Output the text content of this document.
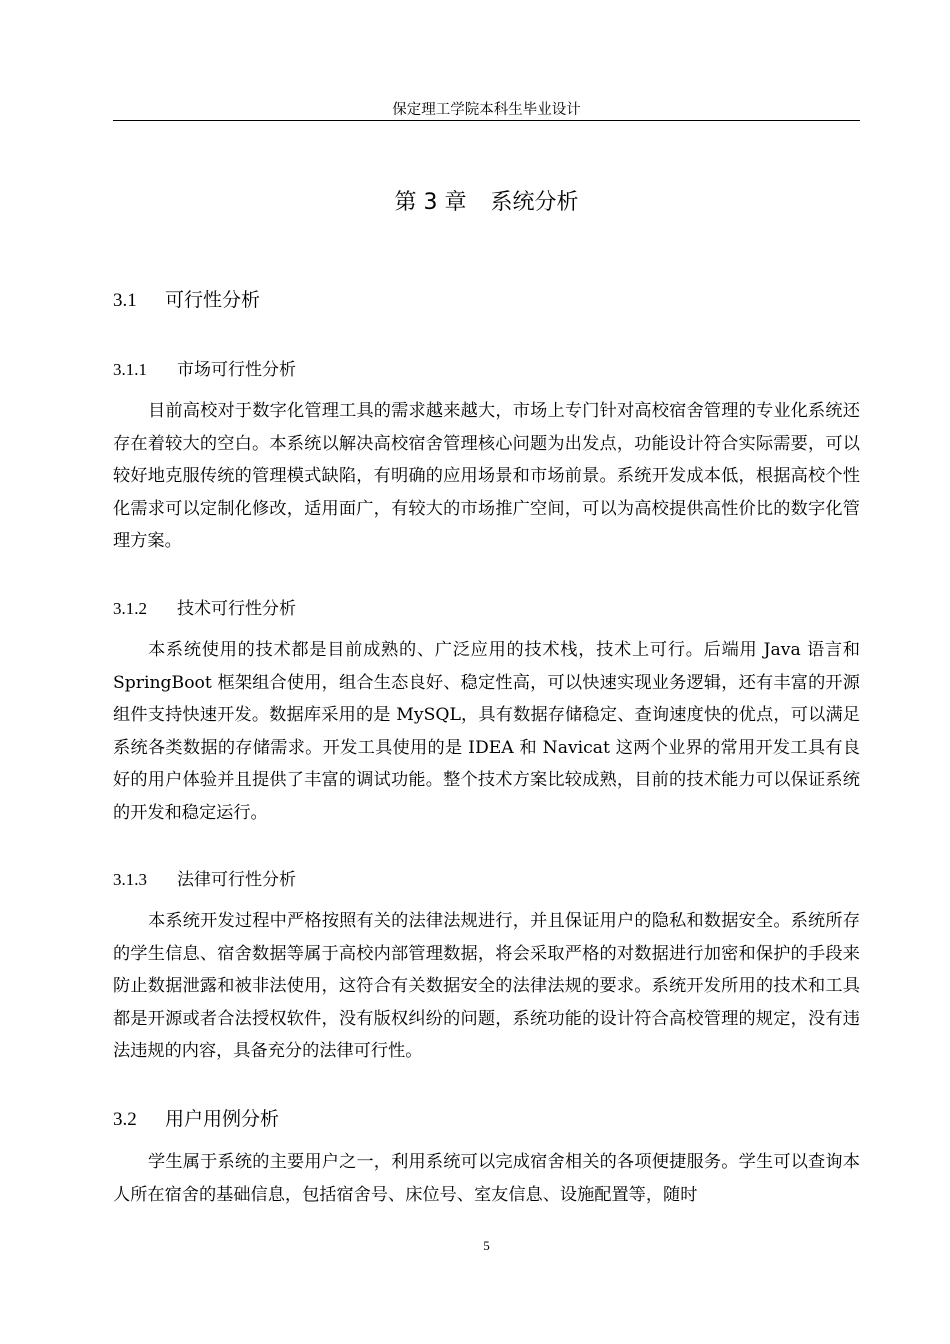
保定理工学院本科生毕业设计
第 3 章 系统分析
3.1 可行性分析
3.1.1 市场可行性分析

目前高校对于数字化管理工具的需求越来越大，市场上专门针对高校宿舍管理的专业化系统还存在着较大的空白。本系统以解决高校宿舍管理核心问题为出发点，功能设计符合实际需要，可以较好地克服传统的管理模式缺陷，有明确的应用场景和市场前景。系统开发成本低，根据高校个性化需求可以定制化修改，适用面广，有较大的市场推广空间，可以为高校提供高性价比的数字化管理方案。

3.1.2 技术可行性分析

本系统使用的技术都是目前成熟的、广泛应用的技术栈，技术上可行。后端用 Java 语言和 SpringBoot 框架组合使用，组合生态良好、稳定性高，可以快速实现业务逻辑，还有丰富的开源组件支持快速开发。数据库采用的是 MySQL，具有数据存储稳定、查询速度快的优点，可以满足系统各类数据的存储需求。开发工具使用的是 IDEA 和 Navicat 这两个业界的常用开发工具有良好的用户体验并且提供了丰富的调试功能。整个技术方案比较成熟，目前的技术能力可以保证系统的开发和稳定运行。

3.1.3 法律可行性分析

本系统开发过程中严格按照有关的法律法规进行，并且保证用户的隐私和数据安全。系统所存的学生信息、宿舍数据等属于高校内部管理数据，将会采取严格的对数据进行加密和保护的手段来防止数据泄露和被非法使用，这符合有关数据安全的法律法规的要求。系统开发所用的技术和工具都是开源或者合法授权软件，没有版权纠纷的问题，系统功能的设计符合高校管理的规定，没有违法违规的内容，具备充分的法律可行性。

3.2 用户用例分析

学生属于系统的主要用户之一，利用系统可以完成宿舍相关的各项便捷服务。学生可以查询本人所在宿舍的基础信息，包括宿舍号、床位号、室友信息、设施配置等，随时

5
